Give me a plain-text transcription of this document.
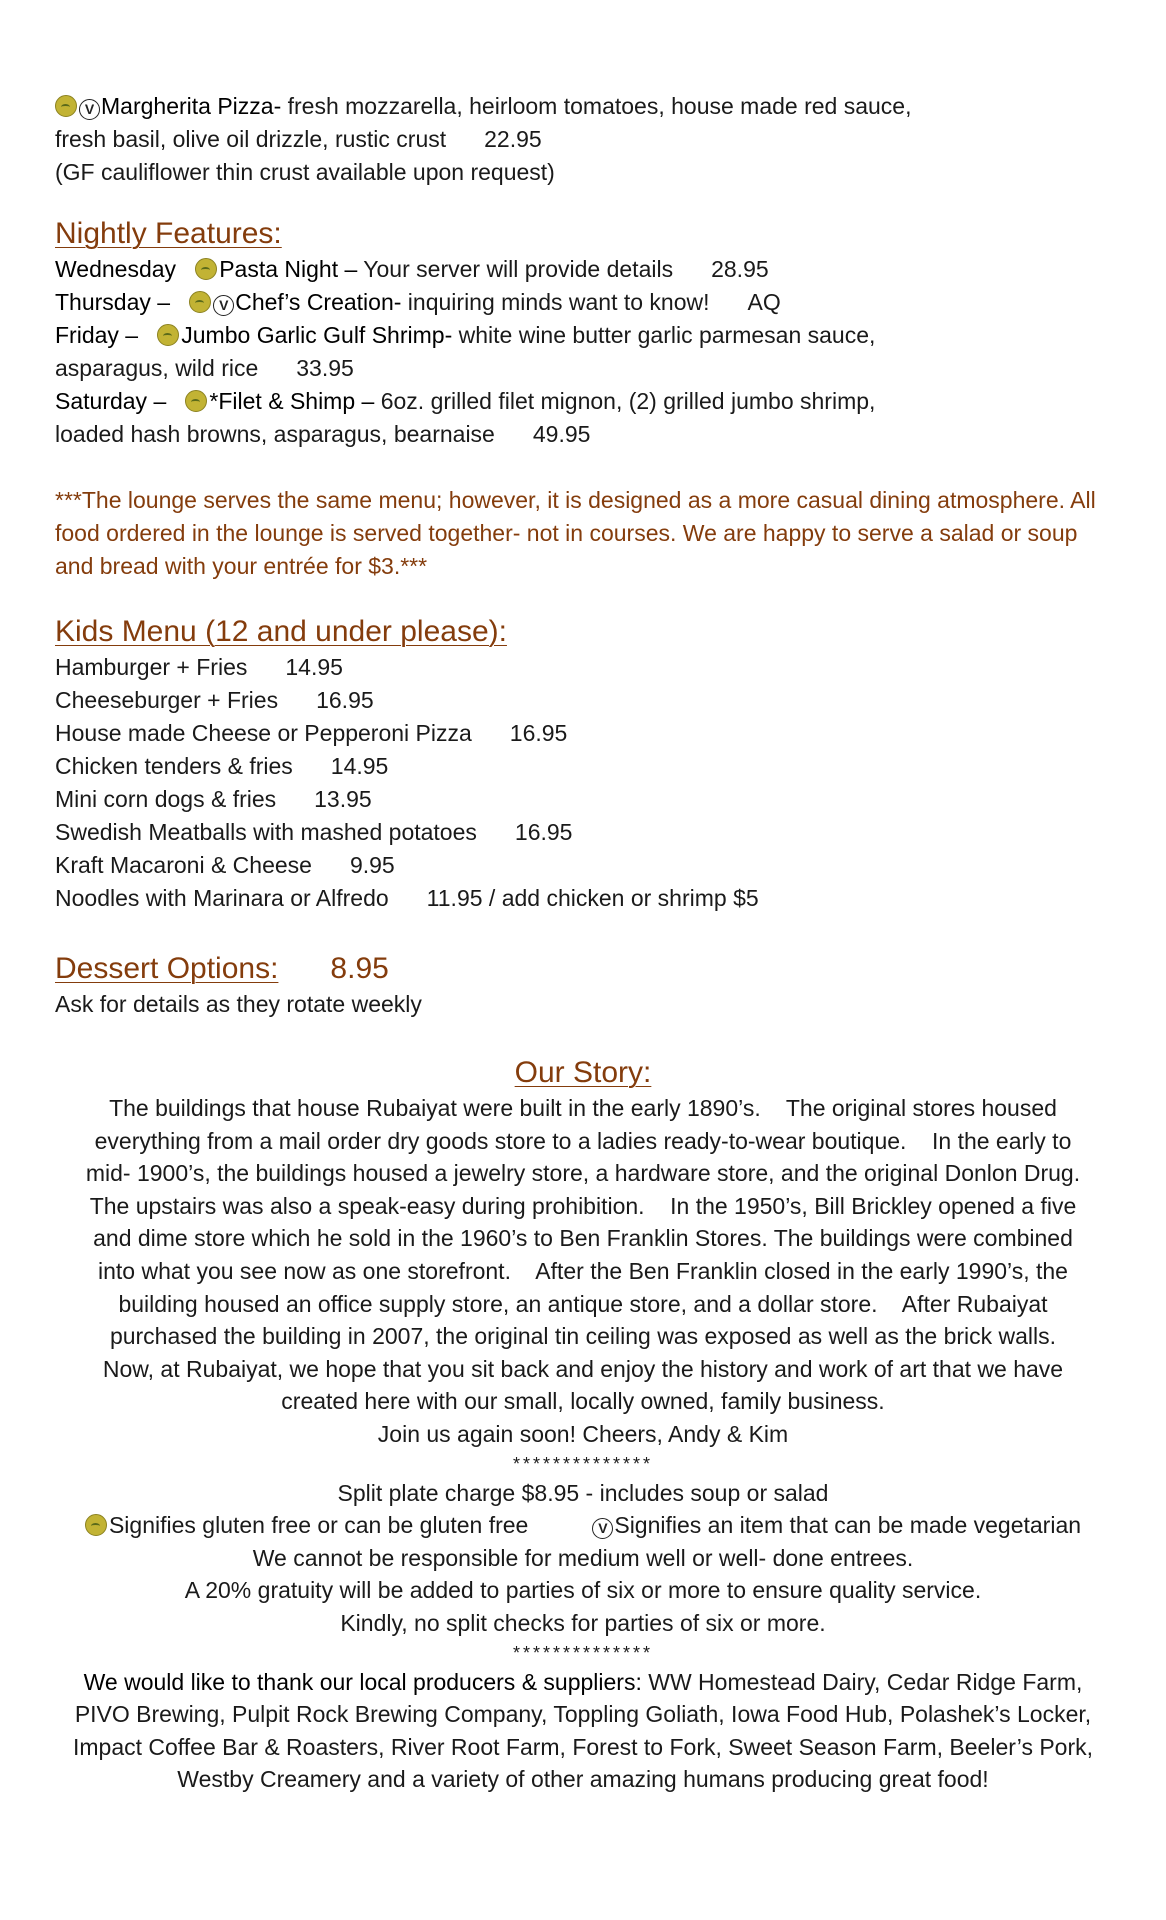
V Margherita Pizza- fresh mozzarella, heirloom tomatoes, house made red sauce,
fresh basil, olive oil drizzle, rustic crust 22.95
(GF cauliflower thin crust available upon request)
Nightly Features:
Wednesday Pasta Night – Your server will provide details 28.95
Thursday –	V Chef’s Creation- inquiring minds want to know! AQ
Friday – Jumbo Garlic Gulf Shrimp- white wine butter garlic parmesan sauce,
asparagus, wild rice 33.95
Saturday – *Filet & Shimp – 6oz. grilled filet mignon, (2) grilled jumbo shrimp,
loaded hash browns, asparagus, bearnaise 49.95
***The lounge serves the same menu; however, it is designed as a more casual dining atmosphere. All food ordered in the lounge is served together- not in courses. We are happy to serve a salad or soup and bread with your entrée for $3.***
Kids Menu (12 and under please):
Hamburger + Fries 14.95
Cheeseburger + Fries 16.95
House made Cheese or Pepperoni Pizza 16.95
Chicken tenders & fries 14.95
Mini corn dogs & fries 13.95
Swedish Meatballs with mashed potatoes 16.95
Kraft Macaroni & Cheese 9.95
Noodles with Marinara or Alfredo 11.95 / add chicken or shrimp $5
Dessert Options: 8.95
Ask for details as they rotate weekly
Our Story:
The buildings that house Rubaiyat were built in the early 1890’s.    The original stores housed
everything from a mail order dry goods store to a ladies ready-to-wear boutique.    In the early to
mid- 1900’s, the buildings housed a jewelry store, a hardware store, and the original Donlon Drug.
The upstairs was also a speak-easy during prohibition.    In the 1950’s, Bill Brickley opened a five
and dime store which he sold in the 1960’s to Ben Franklin Stores. The buildings were combined
into what you see now as one storefront.    After the Ben Franklin closed in the early 1990’s, the
building housed an office supply store, an antique store, and a dollar store.    After Rubaiyat
purchased the building in 2007, the original tin ceiling was exposed as well as the brick walls.
Now, at Rubaiyat, we hope that you sit back and enjoy the history and work of art that we have
created here with our small, locally owned, family business.
Join us again soon! Cheers, Andy & Kim
**************
Split plate charge $8.95 - includes soup or salad
Signifies gluten free or can be gluten free	V Signifies an item that can be made vegetarian
We cannot be responsible for medium well or well- done entrees.
A 20% gratuity will be added to parties of six or more to ensure quality service.
Kindly, no split checks for parties of six or more.
**************
We would like to thank our local producers & suppliers: WW Homestead Dairy, Cedar Ridge Farm,
PIVO Brewing, Pulpit Rock Brewing Company, Toppling Goliath, Iowa Food Hub, Polashek’s Locker,
Impact Coffee Bar & Roasters, River Root Farm, Forest to Fork, Sweet Season Farm, Beeler’s Pork,
Westby Creamery and a variety of other amazing humans producing great food!
